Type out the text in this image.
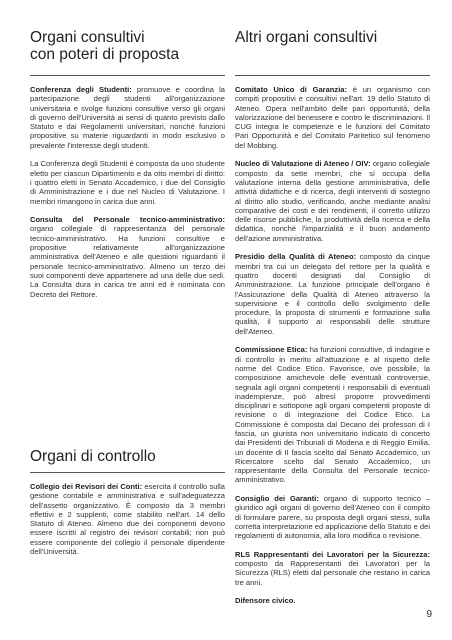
Organi consultivi
con poteri di proposta

Conferenza degli Studenti: promuove e coordina la partecipazione degli studenti all'organizzazione universitaria e svolge funzioni consultive verso gli organi di governo dell'Università ai sensi di quanto previsto dallo Statuto e dai Regolamenti universitari, nonché funzioni propositive su materie riguardanti in modo esclusivo o prevalente l'interesse degli studenti.

La Conferenza degli Studenti è composta da uno studente eletto per ciascun Dipartimento e da otto membri di diritto: i quattro eletti in Senato Accademico, i due del Consiglio di Amministrazione e i due nel Nucleo di Valutazione. I membri rimangono in carica due anni.

Consulta del Personale tecnico-amministrativo: organo collegiale di rappresentanza del personale tecnico-amministrativo. Ha funzioni consultive e propositive relativamente all'organizzazione amministrativa dell'Ateneo e alle questioni riguardanti il personale tecnico-amministrativo. Almeno un terzo dei suoi componenti deve appartenere ad una delle due sedi. La Consulta dura in carica tre anni ed è nominata con Decreto del Rettore.

Organi di controllo

Collegio dei Revisori dei Conti: esercita il controllo sulla gestione contabile e amministrativa e sull'adeguatezza dell'assetto organizzativo. È composto da 3 membri effettivi e 2 supplenti, come stabilito nell'art. 14 dello Statuto di Ateneo. Almeno due dei componenti devono essere iscritti al registro dei revisori contabili; non può essere componente del collegio il personale dipendente dell'Università.

Altri organi consultivi

Comitato Unico di Garanzia: è un organismo con compiti propositivi e consultivi nell'art. 19 dello Statuto di Ateneo. Opera nell'ambito delle pari opportunità, della valorizzazione del benessere e contro le discriminazioni. Il CUG integra le competenze e le funzioni del Comitato Pari Opportunità e del Comitato Paritetico sul fenomeno del Mobbing.

Nucleo di Valutazione di Ateneo / OIV: organo collegiale composto da sette membri, che si occupa della valutazione interna della gestione amministrativa, delle attività didattiche e di ricerca, degli interventi di sostegno al diritto allo studio, verificando, anche mediante analisi comparative dei costi e dei rendimenti, il corretto utilizzo delle risorse pubbliche, la produttività della ricerca e della didattica, nonché l'imparzialità e il buon andamento dell'azione amministrativa.

Presidio della Qualità di Ateneo: composto da cinque membri tra cui un delegato del rettore per la qualità e quattro docenti designati dal Consiglio di Amministrazione. La funzione principale dell'organo è l'Assicurazione della Qualità di Ateneo attraverso la supervisione e il controllo dello svolgimento delle procedure, la proposta di strumenti e formazione sulla qualità, il supporto ai responsabili delle strutture dell'Ateneo.

Commissione Etica: ha funzioni consultive, di indagine e di controllo in merito all'attuazione e al rispetto delle norme del Codice Etico. Favorisce, ove possibile, la composizione amichevole delle eventuali controversie, segnala agli organi competenti i responsabili di eventuali inadempienze, può altresì proporre provvedimenti disciplinari e sottopone agli organi competenti proposte di revisione o di integrazione del Codice Etico. La Commissione è composta dal Decano dei professori di I fascia, un giurista non universitario indicato di concerto dai Presidenti dei Tribunali di Modena e di Reggio Emilia, un docente di II fascia scelto dal Senato Accademico, un Ricercatore scelto dal Senato Accademico, un rappresentante della Consulta del Personale tecnico-amministrativo.

Consiglio dei Garanti: organo di supporto tecnico – giuridico agli organi di governo dell'Ateneo con il compito di formulare parere, su proposta degli organi stessi, sulla corretta interpretazione ed applicazione dello Statuto e dei regolamenti di autonomia, alla loro modifica o revisione.

RLS Rappresentanti dei Lavoratori per la Sicurezza: composto da Rappresentanti dei Lavoratori per la Sicurezza (RLS) eletti dal personale che restano in carica tre anni.

Difensore civico.

9
